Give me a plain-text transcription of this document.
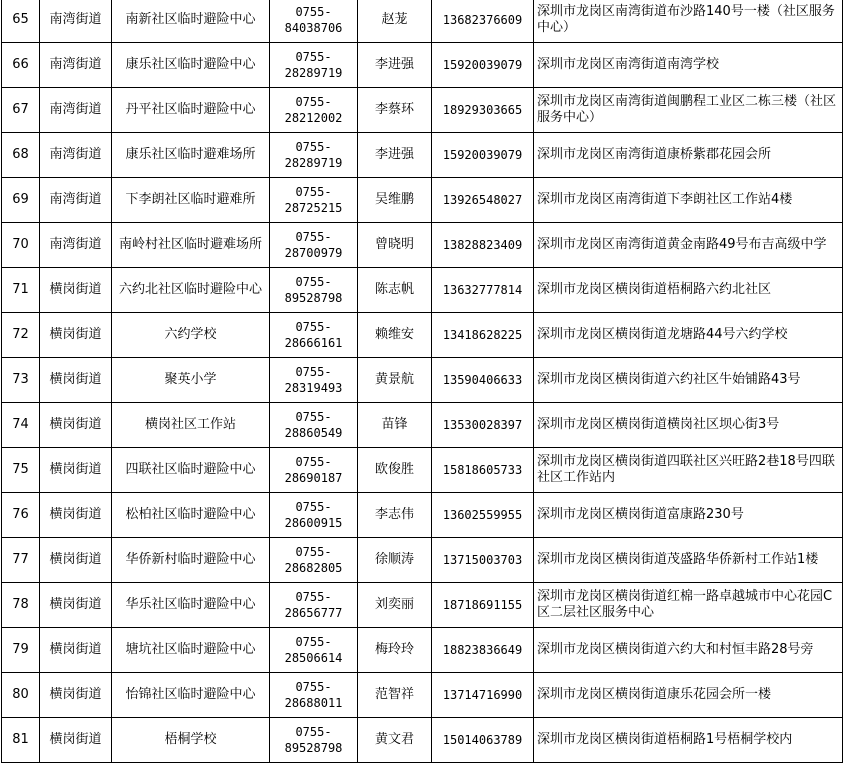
65	南湾街道	南新社区临时避险中心	0755-84038706	赵茏	13682376609	深圳市龙岗区南湾街道布沙路140号一楼（社区服务中心）
66	南湾街道	康乐社区临时避险中心	0755-28289719	李进强	15920039079	深圳市龙岗区南湾街道南湾学校
67	南湾街道	丹平社区临时避险中心	0755-28212002	李蔡环	18929303665	深圳市龙岗区南湾街道闽鹏程工业区二栋三楼（社区服务中心）
68	南湾街道	康乐社区临时避难场所	0755-28289719	李进强	15920039079	深圳市龙岗区南湾街道康桥紫郡花园会所
69	南湾街道	下李朗社区临时避难所	0755-28725215	吴维鹏	13926548027	深圳市龙岗区南湾街道下李朗社区工作站4楼
70	南湾街道	南岭村社区临时避难场所	0755-28700979	曾晓明	13828823409	深圳市龙岗区南湾街道黄金南路49号布吉高级中学
71	横岗街道	六约北社区临时避险中心	0755-89528798	陈志帆	13632777814	深圳市龙岗区横岗街道梧桐路六约北社区
72	横岗街道	六约学校	0755-28666161	赖维安	13418628225	深圳市龙岗区横岗街道龙塘路44号六约学校
73	横岗街道	聚英小学	0755-28319493	黄景航	13590406633	深圳市龙岗区横岗街道六约社区牛始铺路43号
74	横岗街道	横岗社区工作站	0755-28860549	苗锋	13530028397	深圳市龙岗区横岗街道横岗社区坝心街3号
75	横岗街道	四联社区临时避险中心	0755-28690187	欧俊胜	15818605733	深圳市龙岗区横岗街道四联社区兴旺路2巷18号四联社区工作站内
76	横岗街道	松柏社区临时避险中心	0755-28600915	李志伟	13602559955	深圳市龙岗区横岗街道富康路230号
77	横岗街道	华侨新村临时避险中心	0755-28682805	徐顺涛	13715003703	深圳市龙岗区横岗街道茂盛路华侨新村工作站1楼
78	横岗街道	华乐社区临时避险中心	0755-28656777	刘奕丽	18718691155	深圳市龙岗区横岗街道红棉一路卓越城市中心花园C区二层社区服务中心
79	横岗街道	塘坑社区临时避险中心	0755-28506614	梅玲玲	18823836649	深圳市龙岗区横岗街道六约大和村恒丰路28号旁
80	横岗街道	怡锦社区临时避险中心	0755-28688011	范智祥	13714716990	深圳市龙岗区横岗街道康乐花园会所一楼
81	横岗街道	梧桐学校	0755-89528798	黄文君	15014063789	深圳市龙岗区横岗街道梧桐路1号梧桐学校内
